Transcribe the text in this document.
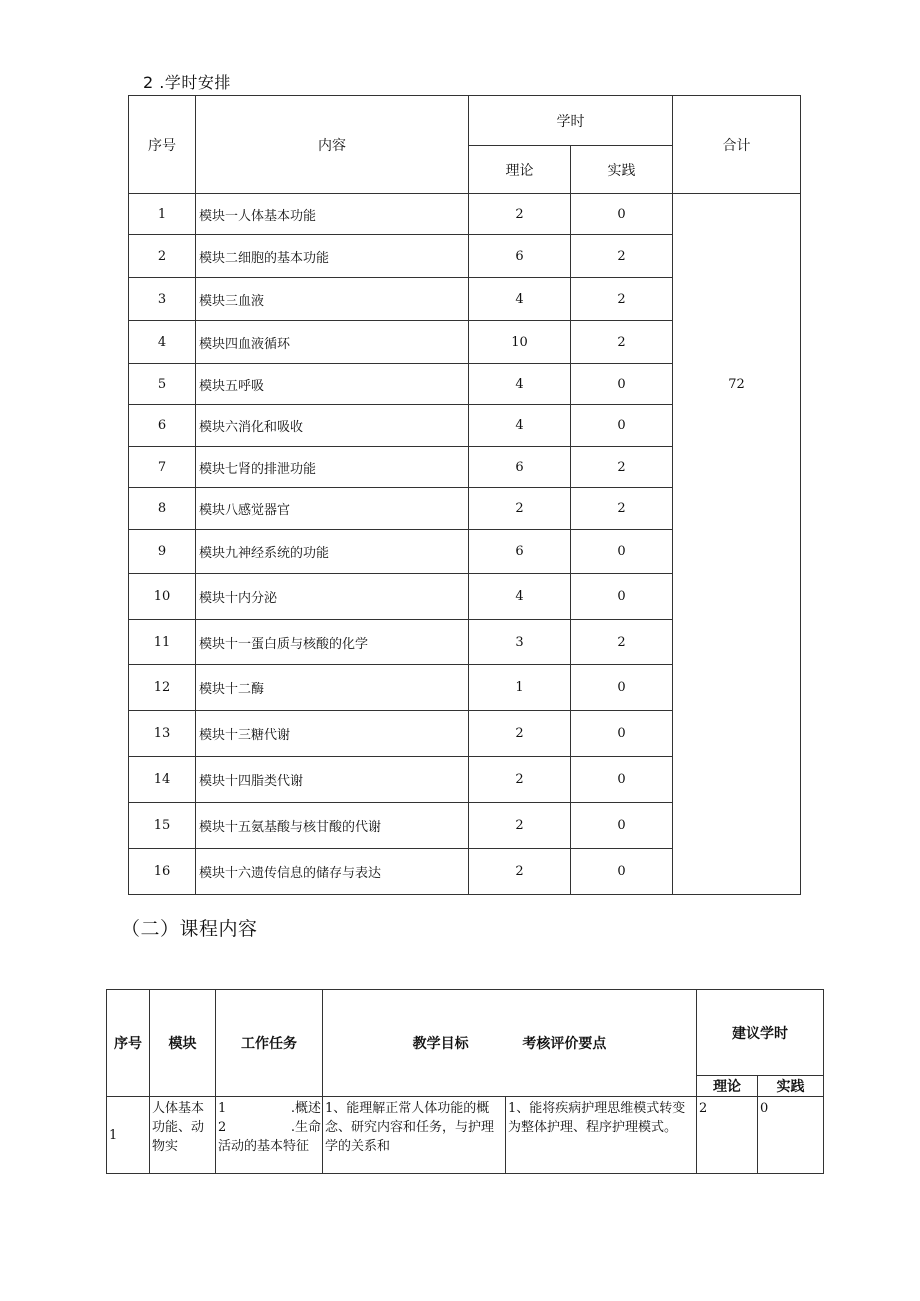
2 .学时安排
序号	内容	学时		合计
		理论	实践	
1	模块一人体基本功能	2	0	72
2	模块二细胞的基本功能	6	2	
3	模块三血液	4	2	
4	模块四血液循环	10	2	
5	模块五呼吸	4	0	
6	模块六消化和吸收	4	0	
7	模块七肾的排泄功能	6	2	
8	模块八感觉器官	2	2	
9	模块九神经系统的功能	6	0	
10	模块十内分泌	4	0	
11	模块十一蛋白质与核酸的化学	3	2	
12	模块十二酶	1	0	
13	模块十三糖代谢	2	0	
14	模块十四脂类代谢	2	0	
15	模块十五氨基酸与核甘酸的代谢	2	0	
16	模块十六遗传信息的储存与表达	2	0	
（二）课程内容
序号	模块	工作任务	教学目标 考核评价要点		建议学时	
					理论	实践

1	人体基本功能、动物实	1 .概述
2 .生命
活动的基本特征	1、能理解正常人体功能的概念、研究内容和任务，与护理学的关系和	1、能将疾病护理思维模式转变为整体护理、程序护理模式。	2	0
